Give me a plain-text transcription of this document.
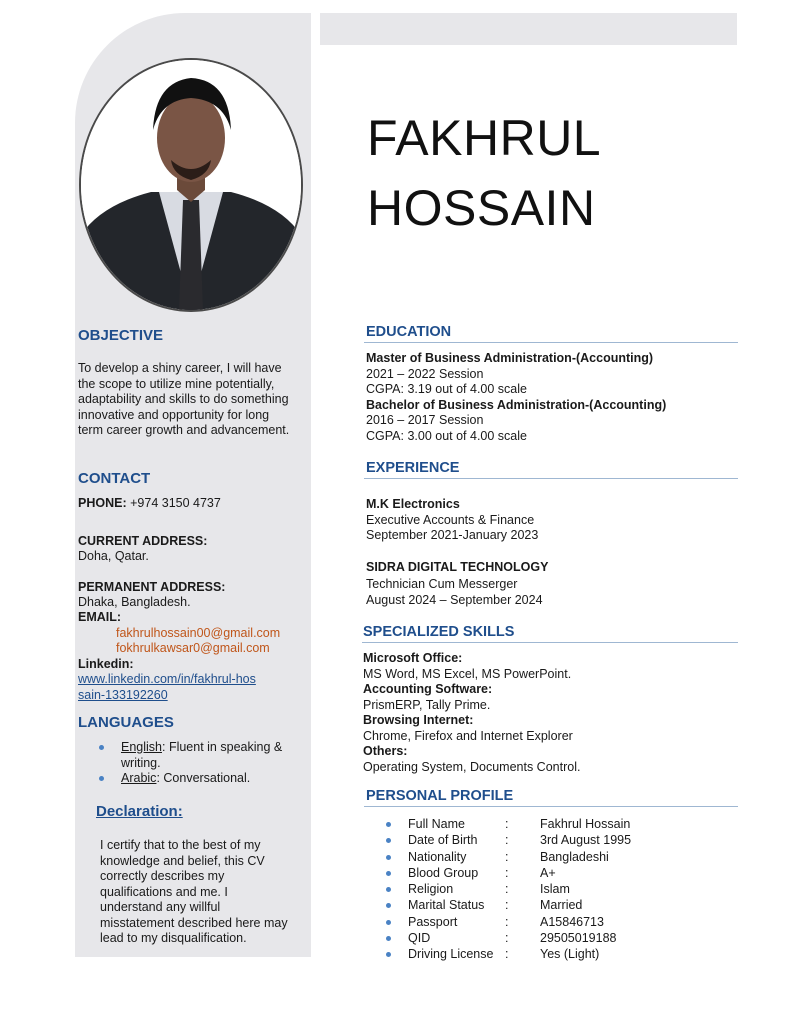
FAKHRUL
HOSSAIN
OBJECTIVE
To develop a shiny career, I will have the scope to utilize mine potentially, adaptability and skills to do something innovative and opportunity for long term career growth and advancement.
CONTACT
PHONE: +974 3150 4737
CURRENT ADDRESS:
Doha, Qatar.
PERMANENT ADDRESS:
Dhaka, Bangladesh.
EMAIL:
fakhrulhossain00@gmail.com
fokhrulkawsar0@gmail.com
Linkedin:
www.linkedin.com/in/fakhrul-hossain-133192260
LANGUAGES
English: Fluent in speaking & writing.
Arabic: Conversational.
Declaration:
I certify that to the best of my knowledge and belief, this CV correctly describes my qualifications and me. I understand any willful misstatement described here may lead to my disqualification.
EDUCATION
Master of Business Administration-(Accounting)
2021 – 2022 Session
CGPA: 3.19 out of 4.00 scale
Bachelor of Business Administration-(Accounting)
2016 – 2017 Session
CGPA: 3.00 out of 4.00 scale
EXPERIENCE
M.K Electronics
Executive Accounts & Finance
September 2021-January 2023
SIDRA DIGITAL TECHNOLOGY
Technician Cum Messerger
August 2024 – September 2024
SPECIALIZED SKILLS
Microsoft Office:
MS Word, MS Excel, MS PowerPoint.
Accounting Software:
PrismERP, Tally Prime.
Browsing Internet:
Chrome, Firefox and Internet Explorer
Others:
Operating System, Documents Control.
PERSONAL PROFILE
Full Name	:	Fakhrul Hossain
Date of Birth :	3rd August 1995
Nationality	:	Bangladeshi
Blood Group :	A+
Religion	:	Islam
Marital Status :	Married
Passport	:	A15846713
QID	:	29505019188
Driving License :	Yes (Light)
